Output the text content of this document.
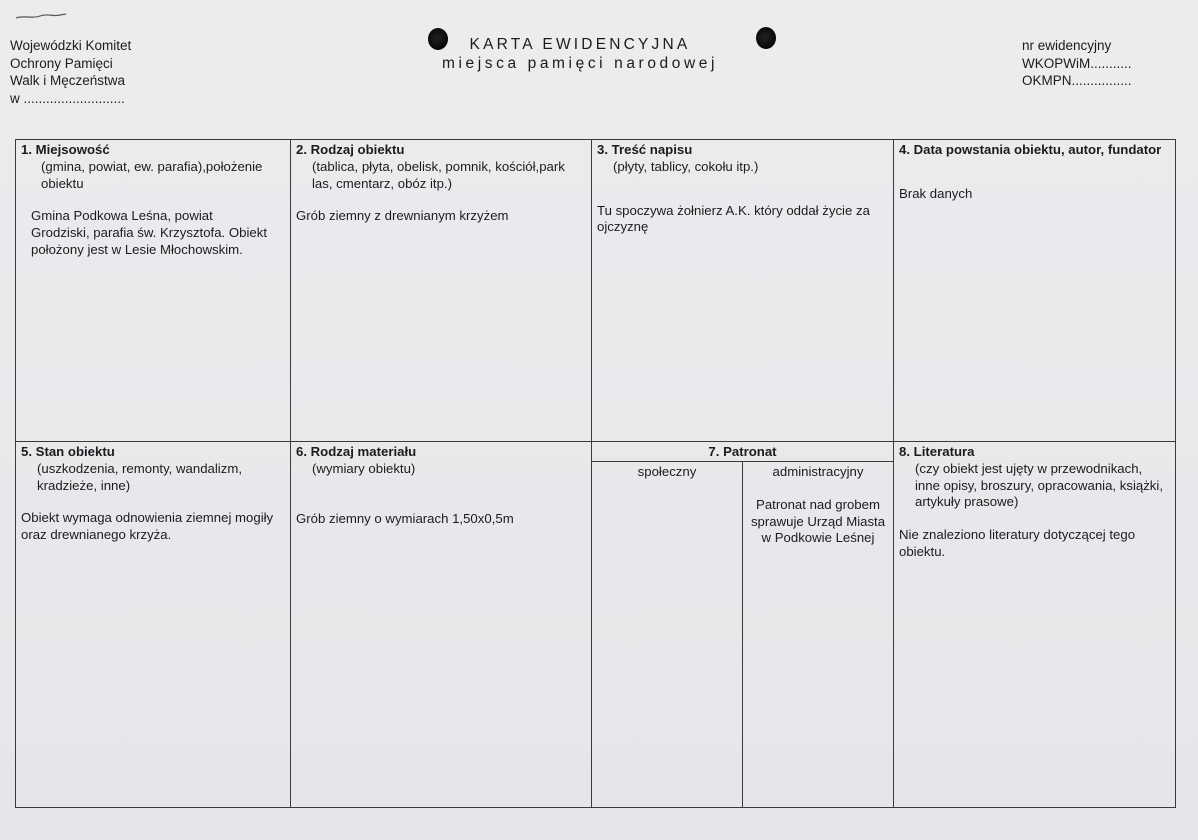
Wojewódzki Komitet
Ochrony Pamięci
Walk i Męczeństwa
w ...........................
KARTA EWIDENCYJNA
miejsca pamięci narodowej
nr ewidencyjny
WKOPWiM...........
OKMPN................
1. Miejsowość
(gmina, powiat, ew. parafia),położenie obiektu
Gmina Podkowa Leśna, powiat Grodziski, parafia św. Krzysztofa. Obiekt położony jest w Lesie Młochowskim.
2. Rodzaj obiektu
(tablica, płyta, obelisk, pomnik, kościół,park las, cmentarz, obóz itp.)
Grób ziemny z drewnianym krzyżem
3. Treść napisu
(płyty, tablicy, cokołu itp.)
Tu spoczywa żołnierz A.K. który oddał życie za ojczyznę
4. Data powstania obiektu, autor, fundator
Brak danych
5. Stan obiektu
(uszkodzenia, remonty, wandalizm, kradzieże, inne)
Obiekt wymaga odnowienia ziemnej mogiły oraz drewnianego krzyża.
6. Rodzaj materiału
(wymiary obiektu)
Grób ziemny o wymiarach 1,50x0,5m
7. Patronat
społeczny	administracyjny
Patronat nad grobem sprawuje Urząd Miasta w Podkowie Leśnej
8. Literatura
(czy obiekt jest ujęty w przewodnikach, inne opisy, broszury, opracowania, książki, artykuły prasowe)
Nie znaleziono literatury dotyczącej tego obiektu.
